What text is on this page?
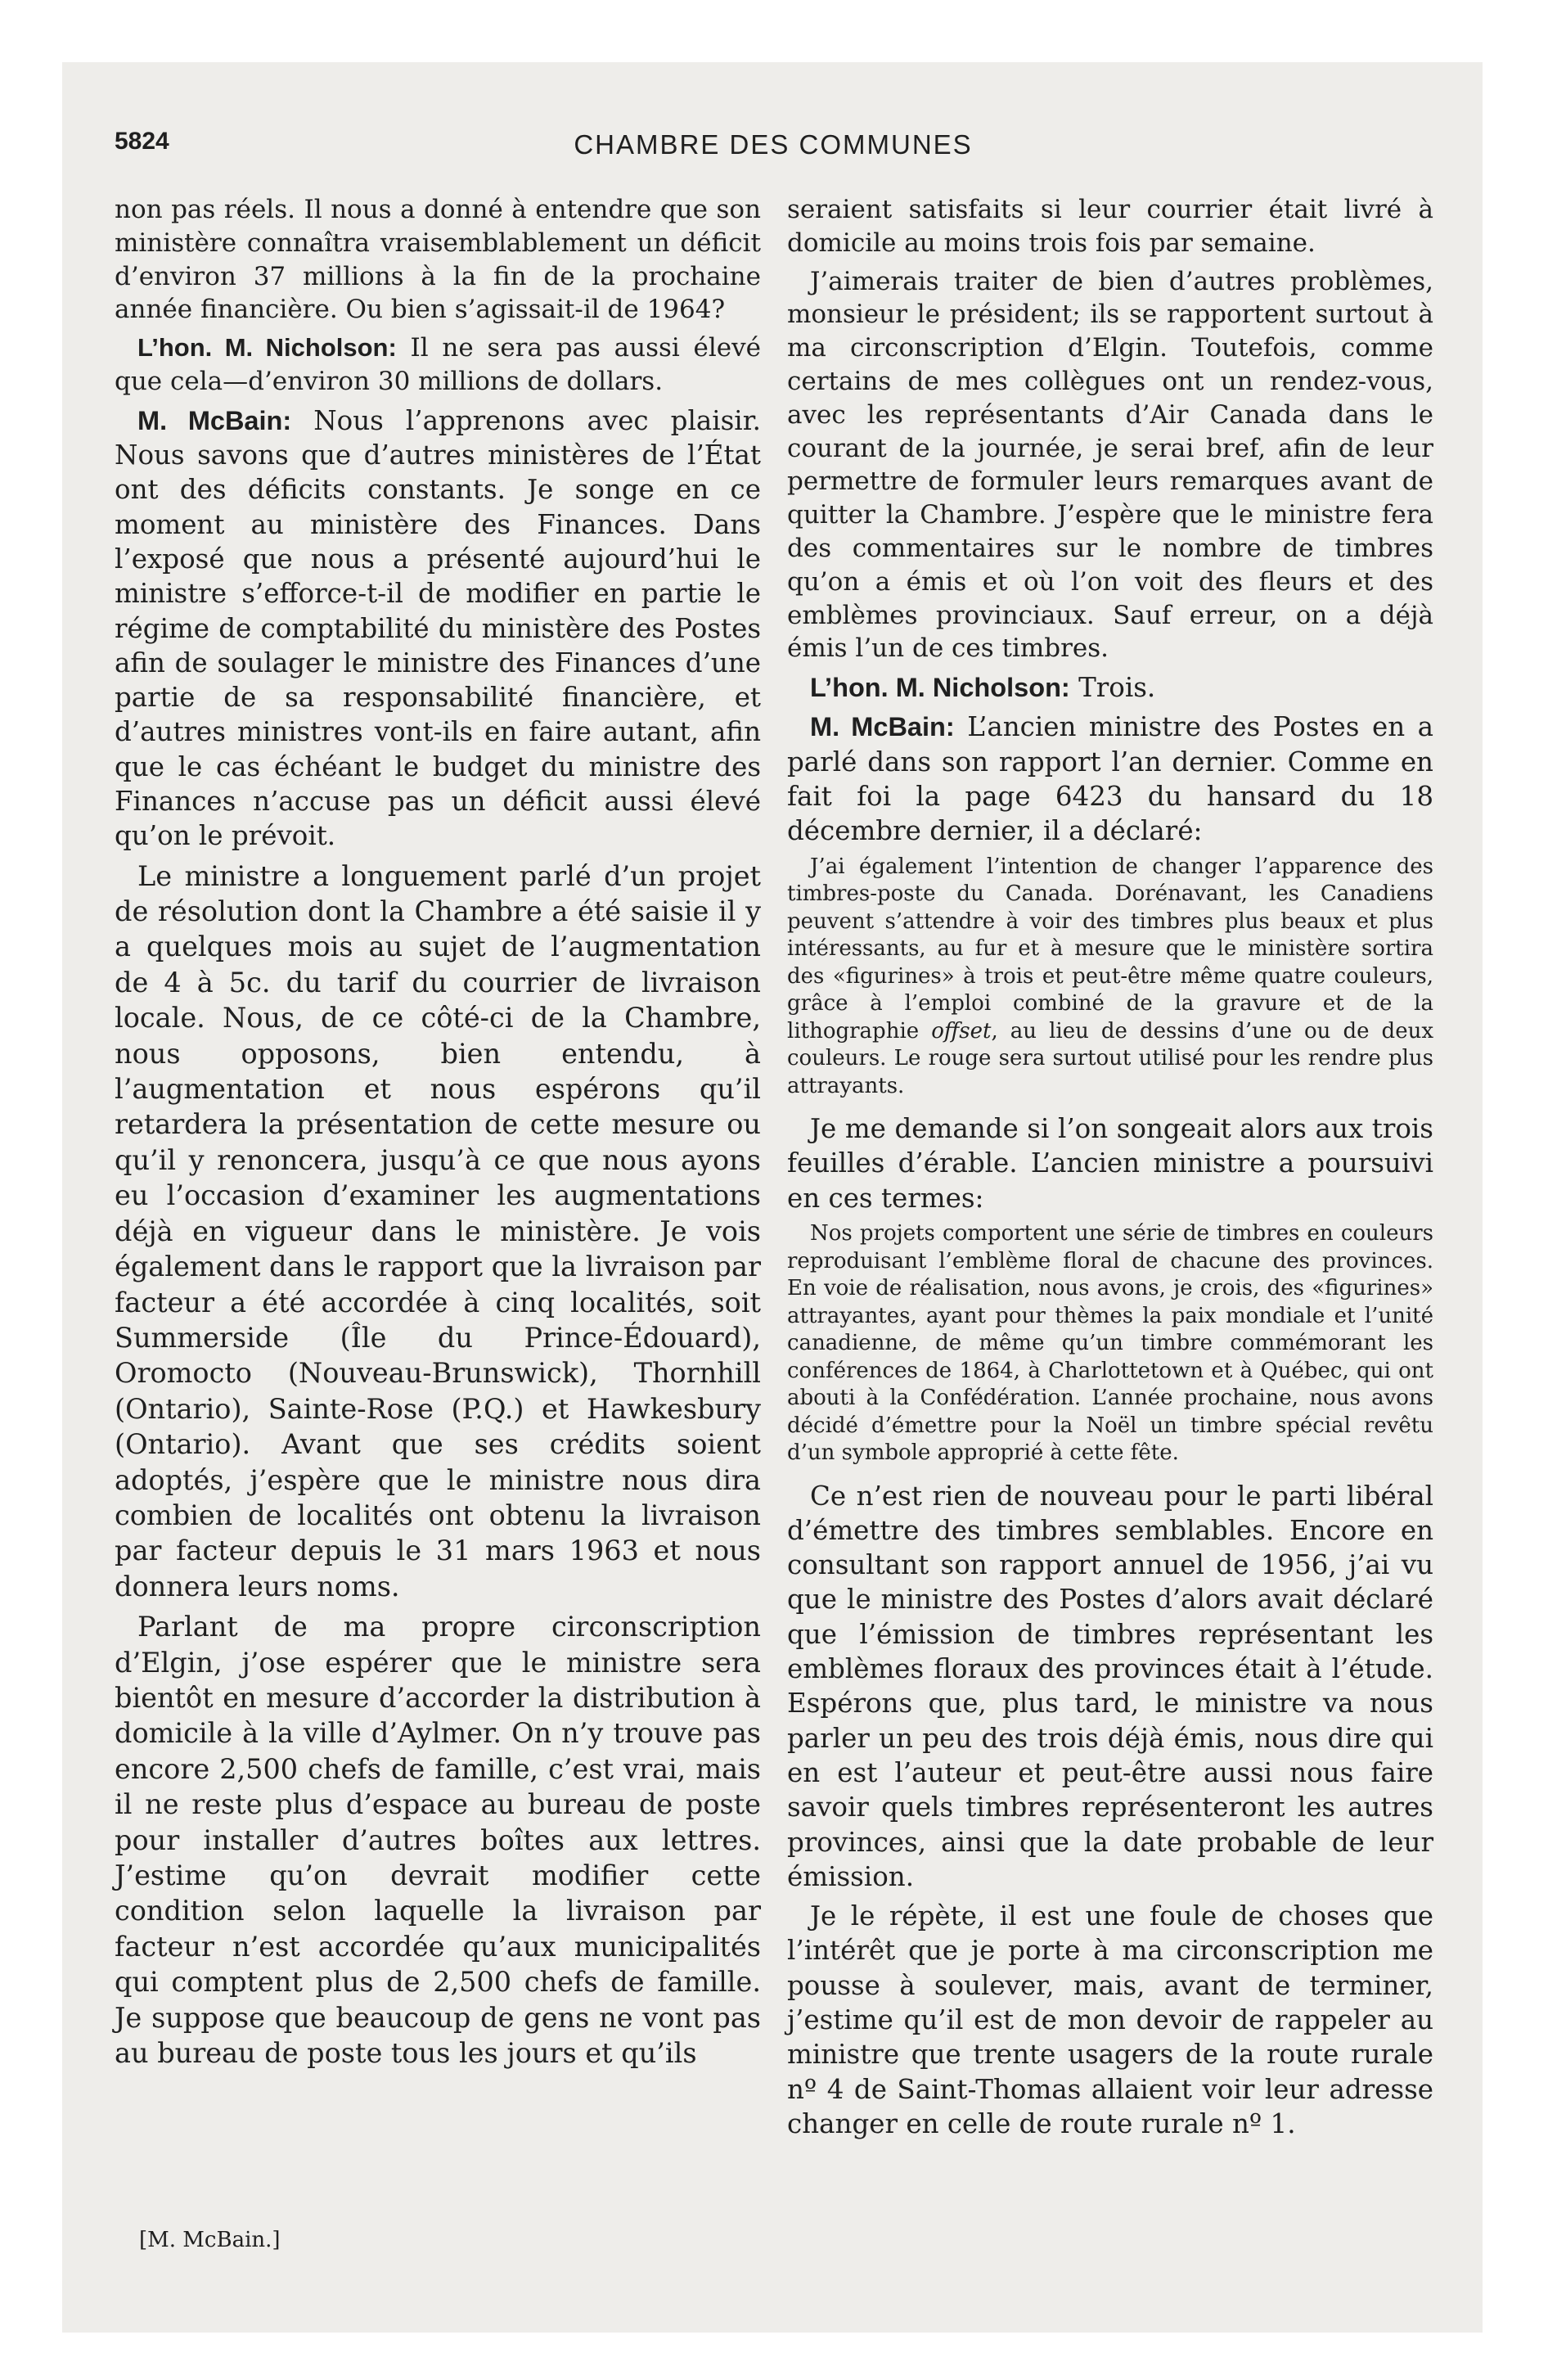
5824	CHAMBRE DES COMMUNES

non pas réels. Il nous a donné à entendre que son ministère connaîtra vraisemblablement un déficit d’environ 37 millions à la fin de la prochaine année financière. Ou bien s’agissait-il de 1964?

L’hon. M. Nicholson: Il ne sera pas aussi élevé que cela—d’environ 30 millions de dollars.

M. McBain: Nous l’apprenons avec plaisir. Nous savons que d’autres ministères de l’État ont des déficits constants. Je songe en ce moment au ministère des Finances. Dans l’exposé que nous a présenté aujourd’hui le ministre s’efforce-t-il de modifier en partie le régime de comptabilité du ministère des Postes afin de soulager le ministre des Finances d’une partie de sa responsabilité financière, et d’autres ministres vont-ils en faire autant, afin que le cas échéant le budget du ministre des Finances n’accuse pas un déficit aussi élevé qu’on le prévoit.

Le ministre a longuement parlé d’un projet de résolution dont la Chambre a été saisie il y a quelques mois au sujet de l’augmentation de 4 à 5c. du tarif du courrier de livraison locale. Nous, de ce côté-ci de la Chambre, nous opposons, bien entendu, à l’augmentation et nous espérons qu’il retardera la présentation de cette mesure ou qu’il y renoncera, jusqu’à ce que nous ayons eu l’occasion d’examiner les augmentations déjà en vigueur dans le ministère. Je vois également dans le rapport que la livraison par facteur a été accordée à cinq localités, soit Summerside (Île du Prince-Édouard), Oromocto (Nouveau-Brunswick), Thornhill (Ontario), Sainte-Rose (P.Q.) et Hawkesbury (Ontario). Avant que ses crédits soient adoptés, j’espère que le ministre nous dira combien de localités ont obtenu la livraison par facteur depuis le 31 mars 1963 et nous donnera leurs noms.

Parlant de ma propre circonscription d’Elgin, j’ose espérer que le ministre sera bientôt en mesure d’accorder la distribution à domicile à la ville d’Aylmer. On n’y trouve pas encore 2,500 chefs de famille, c’est vrai, mais il ne reste plus d’espace au bureau de poste pour installer d’autres boîtes aux lettres. J’estime qu’on devrait modifier cette condition selon laquelle la livraison par facteur n’est accordée qu’aux municipalités qui comptent plus de 2,500 chefs de famille. Je suppose que beaucoup de gens ne vont pas au bureau de poste tous les jours et qu’ils

[M. McBain.]

seraient satisfaits si leur courrier était livré à domicile au moins trois fois par semaine.

J’aimerais traiter de bien d’autres problèmes, monsieur le président; ils se rapportent surtout à ma circonscription d’Elgin. Toutefois, comme certains de mes collègues ont un rendez-vous, avec les représentants d’Air Canada dans le courant de la journée, je serai bref, afin de leur permettre de formuler leurs remarques avant de quitter la Chambre. J’espère que le ministre fera des commentaires sur le nombre de timbres qu’on a émis et où l’on voit des fleurs et des emblèmes provinciaux. Sauf erreur, on a déjà émis l’un de ces timbres.

L’hon. M. Nicholson: Trois.

M. McBain: L’ancien ministre des Postes en a parlé dans son rapport l’an dernier. Comme en fait foi la page 6423 du hansard du 18 décembre dernier, il a déclaré:

J’ai également l’intention de changer l’apparence des timbres-poste du Canada. Dorénavant, les Canadiens peuvent s’attendre à voir des timbres plus beaux et plus intéressants, au fur et à mesure que le ministère sortira des «figurines» à trois et peut-être même quatre couleurs, grâce à l’emploi combiné de la gravure et de la lithographie offset, au lieu de dessins d’une ou de deux couleurs. Le rouge sera surtout utilisé pour les rendre plus attrayants.

Je me demande si l’on songeait alors aux trois feuilles d’érable. L’ancien ministre a poursuivi en ces termes:

Nos projets comportent une série de timbres en couleurs reproduisant l’emblème floral de chacune des provinces. En voie de réalisation, nous avons, je crois, des «figurines» attrayantes, ayant pour thèmes la paix mondiale et l’unité canadienne, de même qu’un timbre commémorant les conférences de 1864, à Charlottetown et à Québec, qui ont abouti à la Confédération. L’année prochaine, nous avons décidé d’émettre pour la Noël un timbre spécial revêtu d’un symbole approprié à cette fête.

Ce n’est rien de nouveau pour le parti libéral d’émettre des timbres semblables. Encore en consultant son rapport annuel de 1956, j’ai vu que le ministre des Postes d’alors avait déclaré que l’émission de timbres représentant les emblèmes floraux des provinces était à l’étude. Espérons que, plus tard, le ministre va nous parler un peu des trois déjà émis, nous dire qui en est l’auteur et peut-être aussi nous faire savoir quels timbres représenteront les autres provinces, ainsi que la date probable de leur émission.

Je le répète, il est une foule de choses que l’intérêt que je porte à ma circonscription me pousse à soulever, mais, avant de terminer, j’estime qu’il est de mon devoir de rappeler au ministre que trente usagers de la route rurale nº 4 de Saint-Thomas allaient voir leur adresse changer en celle de route rurale nº 1.
